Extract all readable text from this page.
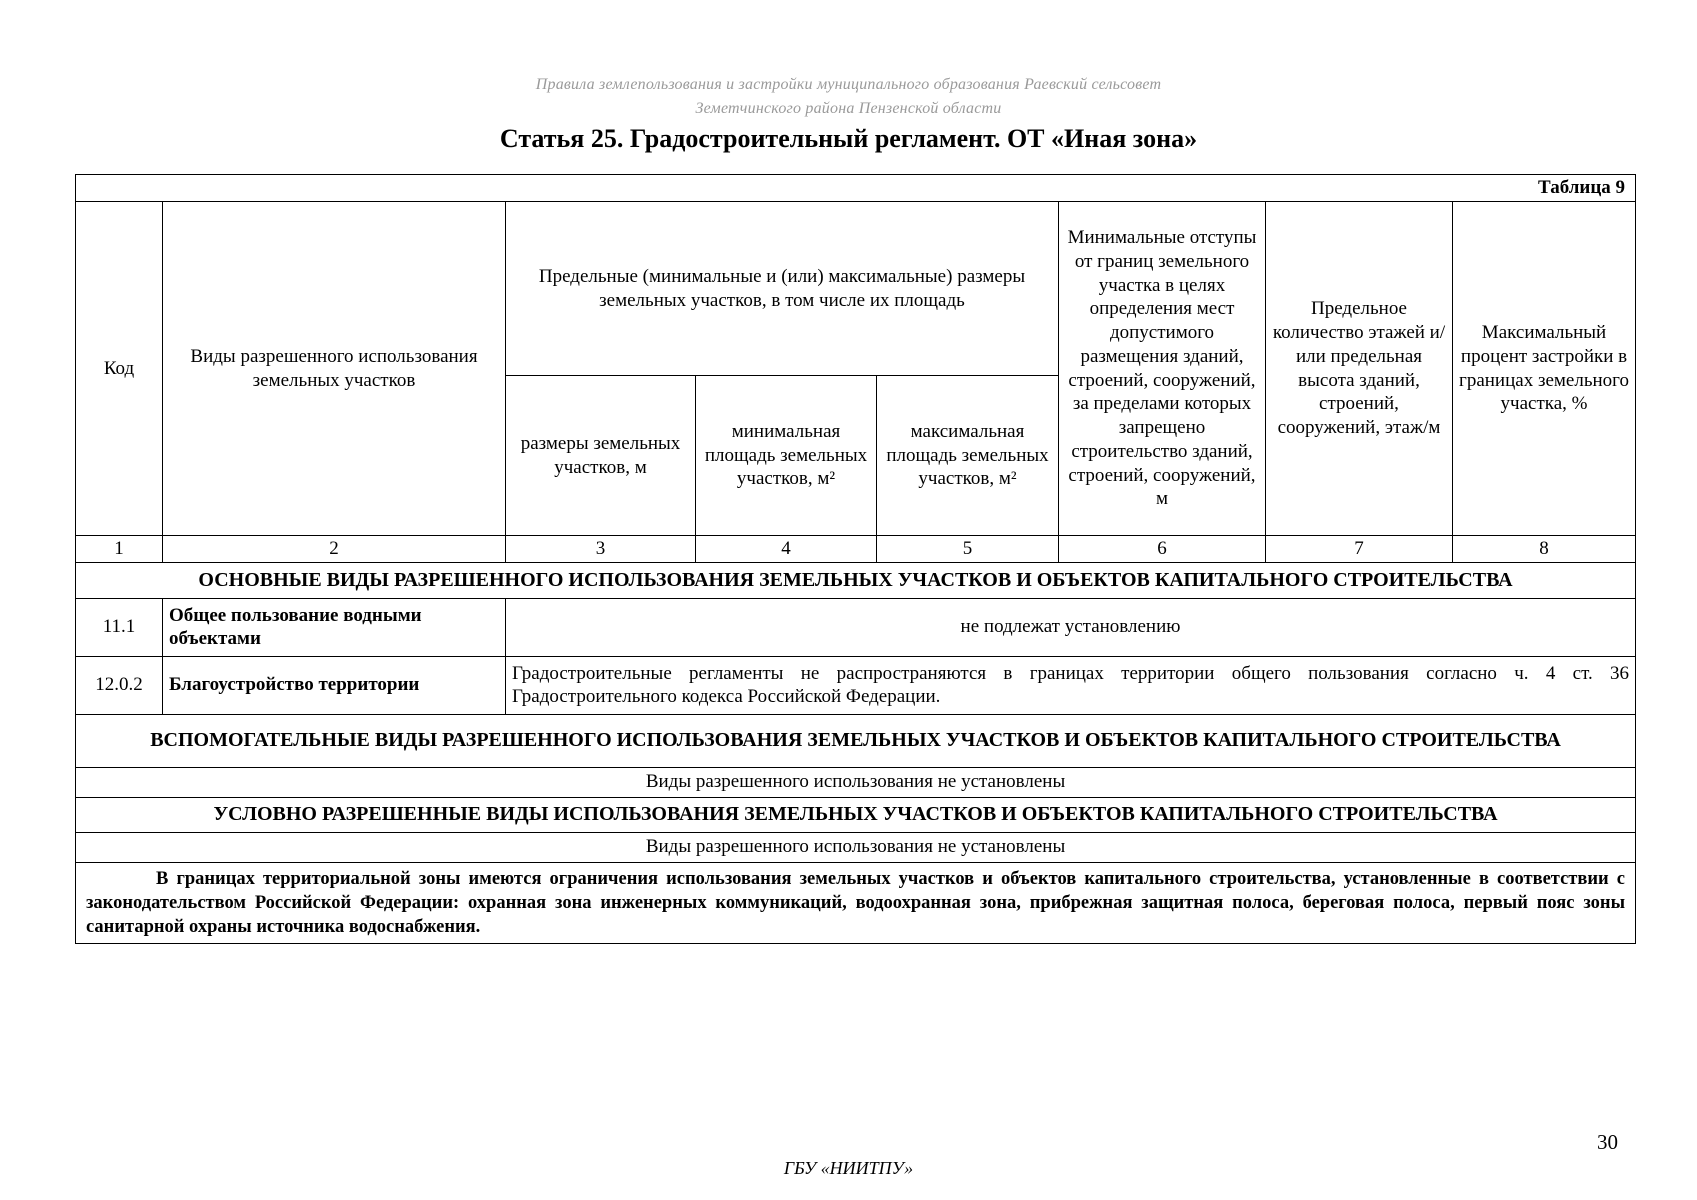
Правила землепользования и застройки муниципального образования Раевский сельсовет
Земетчинского района Пензенской области
Статья 25. Градостроительный регламент. ОТ «Иная зона»
Таблица 9							
Код	Виды разрешенного использования земельных участков	Предельные (минимальные и (или) максимальные) размеры земельных участков, в том числе их площадь			Минимальные отступы от границ земельного участка в целях определения мест допустимого размещения зданий, строений, сооружений, за пределами которых запрещено строительство зданий, строений, сооружений, м	Предельное количество этажей и/или предельная высота зданий, строений, сооружений, этаж/м	Максимальный процент застройки в границах земельного участка, %
		размеры земельных участков, м	минимальная площадь земельных участков, м²	максимальная площадь земельных участков, м²			
1	2	3	4	5	6	7	8
ОСНОВНЫЕ ВИДЫ РАЗРЕШЕННОГО ИСПОЛЬЗОВАНИЯ ЗЕМЕЛЬНЫХ УЧАСТКОВ И ОБЪЕКТОВ КАПИТАЛЬНОГО СТРОИТЕЛЬСТВА							
11.1	Общее пользование водными объектами	не подлежат установлению					
12.0.2	Благоустройство территории	Градостроительные регламенты не распространяются в границах территории общего пользования согласно ч. 4 ст. 36 Градостроительного кодекса Российской Федерации.					
ВСПОМОГАТЕЛЬНЫЕ ВИДЫ РАЗРЕШЕННОГО ИСПОЛЬЗОВАНИЯ ЗЕМЕЛЬНЫХ УЧАСТКОВ И ОБЪЕКТОВ КАПИТАЛЬНОГО СТРОИТЕЛЬСТВА							
Виды разрешенного использования не установлены							
УСЛОВНО РАЗРЕШЕННЫЕ ВИДЫ ИСПОЛЬЗОВАНИЯ ЗЕМЕЛЬНЫХ УЧАСТКОВ И ОБЪЕКТОВ КАПИТАЛЬНОГО СТРОИТЕЛЬСТВА							
Виды разрешенного использования не установлены							
В границах территориальной зоны имеются ограничения использования земельных участков и объектов капитального строительства, установленные в соответствии с законодательством Российской Федерации: охранная зона инженерных коммуникаций, водоохранная зона, прибрежная защитная полоса, береговая полоса, первый пояс зоны санитарной охраны источника водоснабжения.							
30
ГБУ «НИИТПУ»
